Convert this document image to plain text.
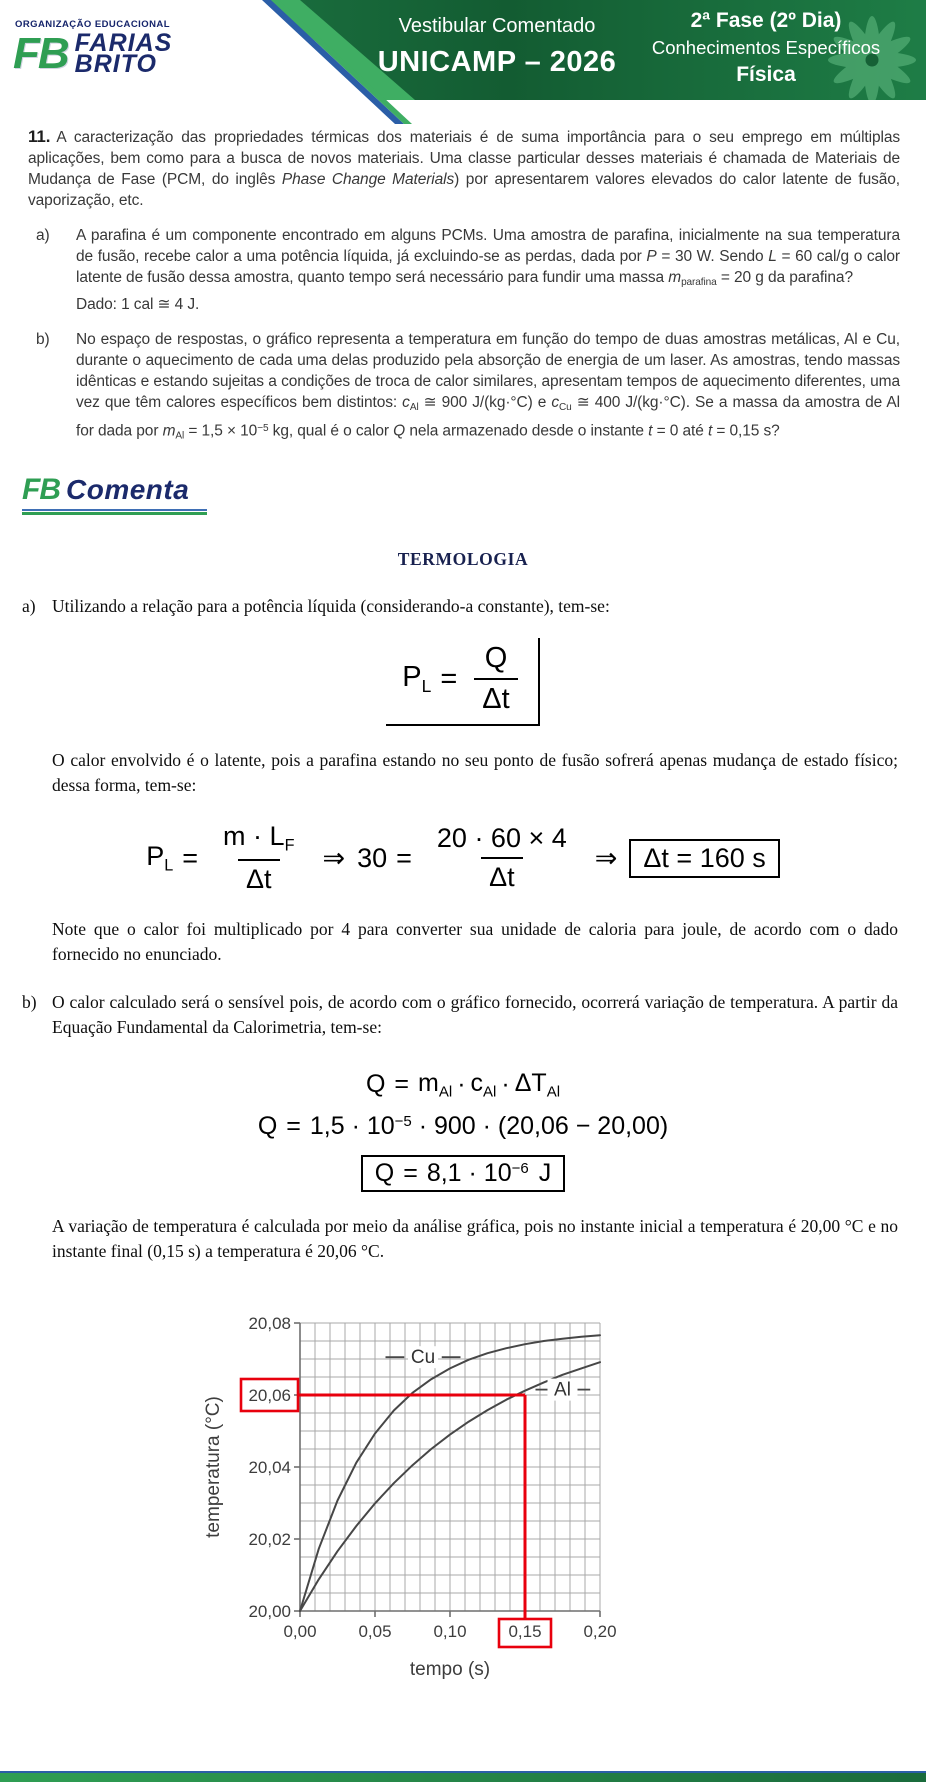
ORGANIZAÇÃO EDUCACIONAL
FB FARIAS
BRITO
Vestibular Comentado
UNICAMP – 2026
2ª Fase (2º Dia)
Conhecimentos Específicos
Física

11. A caracterização das propriedades térmicas dos materiais é de suma importância para o seu emprego em múltiplas aplicações, bem como para a busca de novos materiais. Uma classe particular desses materiais é chamada de Materiais de Mudança de Fase (PCM, do inglês Phase Change Materials) por apresentarem valores elevados do calor latente de fusão, vaporização, etc.

a)	A parafina é um componente encontrado em alguns PCMs. Uma amostra de parafina, inicialmente na sua temperatura de fusão, recebe calor a uma potência líquida, já excluindo-se as perdas, dada por P = 30 W. Sendo L = 60 cal/g o calor latente de fusão dessa amostra, quanto tempo será necessário para fundir uma massa mparafina = 20 g da parafina?
Dado: 1 cal ≅ 4 J.
b)	No espaço de respostas, o gráfico representa a temperatura em função do tempo de duas amostras metálicas, Al e Cu, durante o aquecimento de cada uma delas produzido pela absorção de energia de um laser. As amostras, tendo massas idênticas e estando sujeitas a condições de troca de calor similares, apresentam tempos de aquecimento diferentes, uma vez que têm calores específicos bem distintos: cAl ≅ 900 J/(kg·°C) e cCu ≅ 400 J/(kg·°C). Se a massa da amostra de Al for dada por mAl = $1,5 \times 10^{-5}$ kg, qual é o calor Q nela armazenado desde o instante t = 0 até t = 0,15 s?
FB Comenta
TERMOLOGIA
a) Utilizando a relação para a potência líquida (considerando-a constante), tem-se:
$P_L = \frac{Q}{\Delta t}$
O calor envolvido é o latente, pois a parafina estando no seu ponto de fusão sofrerá apenas mudança de estado físico; dessa forma, tem-se:
$P_L = \frac{m \cdot L_F}{\Delta t}$ ⇒ $30 = \frac{20 \cdot 60 \times 4}{\Delta t}$ ⇒ Δt = 160 s
Note que o calor foi multiplicado por 4 para converter sua unidade de caloria para joule, de acordo com o dado fornecido no enunciado.
b) O calor calculado será o sensível pois, de acordo com o gráfico fornecido, ocorrerá variação de temperatura. A partir da Equação Fundamental da Calorimetria, tem-se:
$Q = m_{Al} \cdot c_{Al} \cdot \Delta T_{Al}$
$Q = 1,5 \cdot 10^{-5} \cdot 900 \cdot (20,06 - 20,00)$
$Q = 8,1 \cdot 10^{-6}$ J
A variação de temperatura é calculada por meio da análise gráfica, pois no instante inicial a temperatura é 20,00 °C e no instante final (0,15 s) a temperatura é 20,06 °C.
0,00 0,05 0,10 0,15 0,20
20,00
20,02
20,04
20,06
20,08
tempo (s)
temperatura (°C)
Cu
Al
